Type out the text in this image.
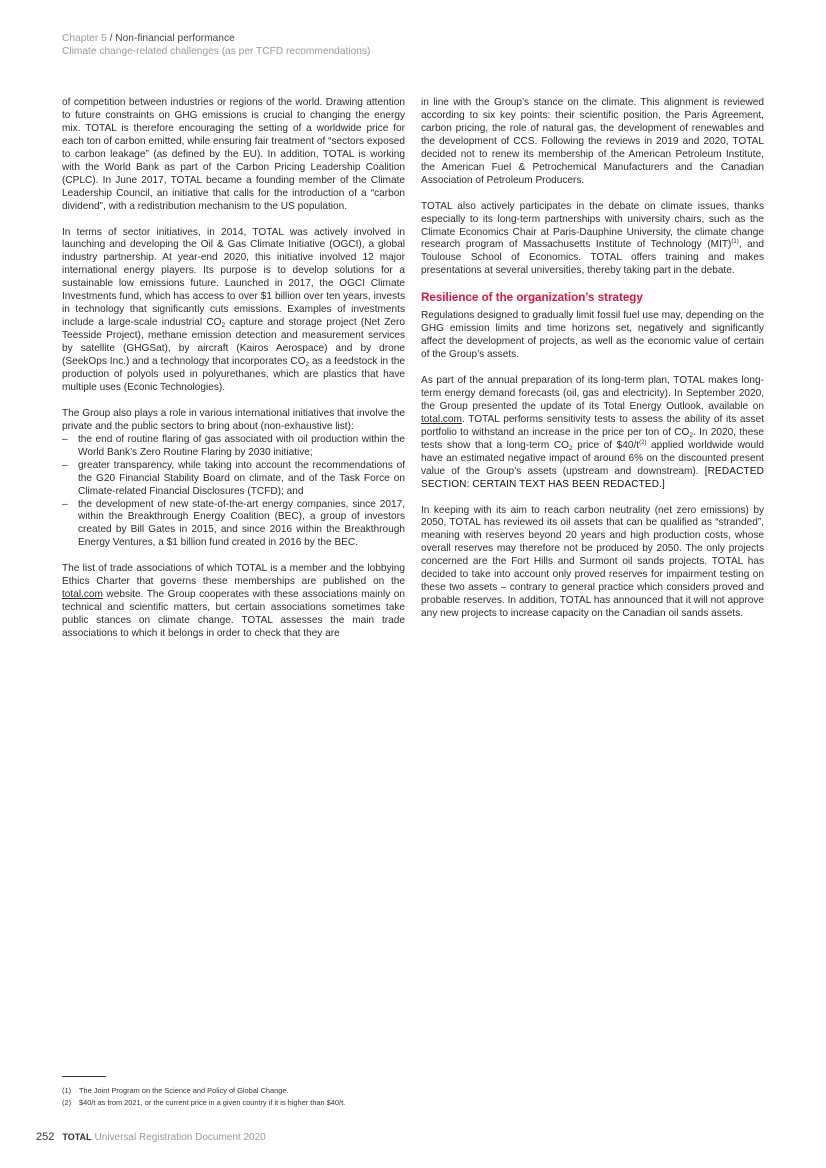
Chapter 5 / Non-financial performance
Climate change-related challenges (as per TCFD recommendations)

of competition between industries or regions of the world. Drawing attention to future constraints on GHG emissions is crucial to changing the energy mix. TOTAL is therefore encouraging the setting of a worldwide price for each ton of carbon emitted, while ensuring fair treatment of “sectors exposed to carbon leakage” (as defined by the EU). In addition, TOTAL is working with the World Bank as part of the Carbon Pricing Leadership Coalition (CPLC). In June 2017, TOTAL became a founding member of the Climate Leadership Council, an initiative that calls for the introduction of a “carbon dividend”, with a redistribution mechanism to the US population.

In terms of sector initiatives, in 2014, TOTAL was actively involved in launching and developing the Oil & Gas Climate Initiative (OGCI), a global industry partnership. At year-end 2020, this initiative involved 12 major international energy players. Its purpose is to develop solutions for a sustainable low emissions future. Launched in 2017, the OGCI Climate Investments fund, which has access to over $1 billion over ten years, invests in technology that significantly cuts emissions. Examples of investments include a large-scale industrial $CO_2$ capture and storage project (Net Zero Teesside Project), methane emission detection and measurement services by satellite (GHGSat), by aircraft (Kairos Aerospace) and by drone (SeekOps Inc.) and a technology that incorporates $CO_2$ as a feedstock in the production of polyols used in polyurethanes, which are plastics that have multiple uses (Econic Technologies).

The Group also plays a role in various international initiatives that involve the private and the public sectors to bring about (non-exhaustive list):

– the end of routine flaring of gas associated with oil production within the World Bank’s Zero Routine Flaring by 2030 initiative;
– greater transparency, while taking into account the recommendations of the G20 Financial Stability Board on climate, and of the Task Force on Climate-related Financial Disclosures (TCFD); and
– the development of new state-of-the-art energy companies, since 2017, within the Breakthrough Energy Coalition (BEC), a group of investors created by Bill Gates in 2015, and since 2016 within the Breakthrough Energy Ventures, a $1 billion fund created in 2016 by the BEC.

The list of trade associations of which TOTAL is a member and the lobbying Ethics Charter that governs these memberships are published on the total.com website. The Group cooperates with these associations mainly on technical and scientific matters, but certain associations sometimes take public stances on climate change. TOTAL assesses the main trade associations to which it belongs in order to check that they are

in line with the Group’s stance on the climate. This alignment is reviewed according to six key points: their scientific position, the Paris Agreement, carbon pricing, the role of natural gas, the development of renewables and the development of CCS. Following the reviews in 2019 and 2020, TOTAL decided not to renew its membership of the American Petroleum Institute, the American Fuel & Petrochemical Manufacturers and the Canadian Association of Petroleum Producers.

TOTAL also actively participates in the debate on climate issues, thanks especially to its long-term partnerships with university chairs, such as the Climate Economics Chair at Paris-Dauphine University, the climate change research program of Massachusetts Institute of Technology (MIT)$^{(1)}$, and Toulouse School of Economics. TOTAL offers training and makes presentations at several universities, thereby taking part in the debate.

Resilience of the organization’s strategy

Regulations designed to gradually limit fossil fuel use may, depending on the GHG emission limits and time horizons set, negatively and significantly affect the development of projects, as well as the economic value of certain of the Group’s assets.

As part of the annual preparation of its long-term plan, TOTAL makes long-term energy demand forecasts (oil, gas and electricity). In September 2020, the Group presented the update of its Total Energy Outlook, available on total.com. TOTAL performs sensitivity tests to assess the ability of its asset portfolio to withstand an increase in the price per ton of $CO_2$. In 2020, these tests show that a long-term $CO_2$ price of $\$40/t^{(2)}$ applied worldwide would have an estimated negative impact of around 6% on the discounted present value of the Group’s assets (upstream and downstream). [REDACTED SECTION: CERTAIN TEXT HAS BEEN REDACTED.]

In keeping with its aim to reach carbon neutrality (net zero emissions) by 2050, TOTAL has reviewed its oil assets that can be qualified as “stranded”, meaning with reserves beyond 20 years and high production costs, whose overall reserves may therefore not be produced by 2050. The only projects concerned are the Fort Hills and Surmont oil sands projects. TOTAL has decided to take into account only proved reserves for impairment testing on these two assets – contrary to general practice which considers proved and probable reserves. In addition, TOTAL has announced that it will not approve any new projects to increase capacity on the Canadian oil sands assets.

(1) The Joint Program on the Science and Policy of Global Change.
(2) $40/t as from 2021, or the current price in a given country if it is higher than $40/t.
252 TOTAL Universal Registration Document 2020
